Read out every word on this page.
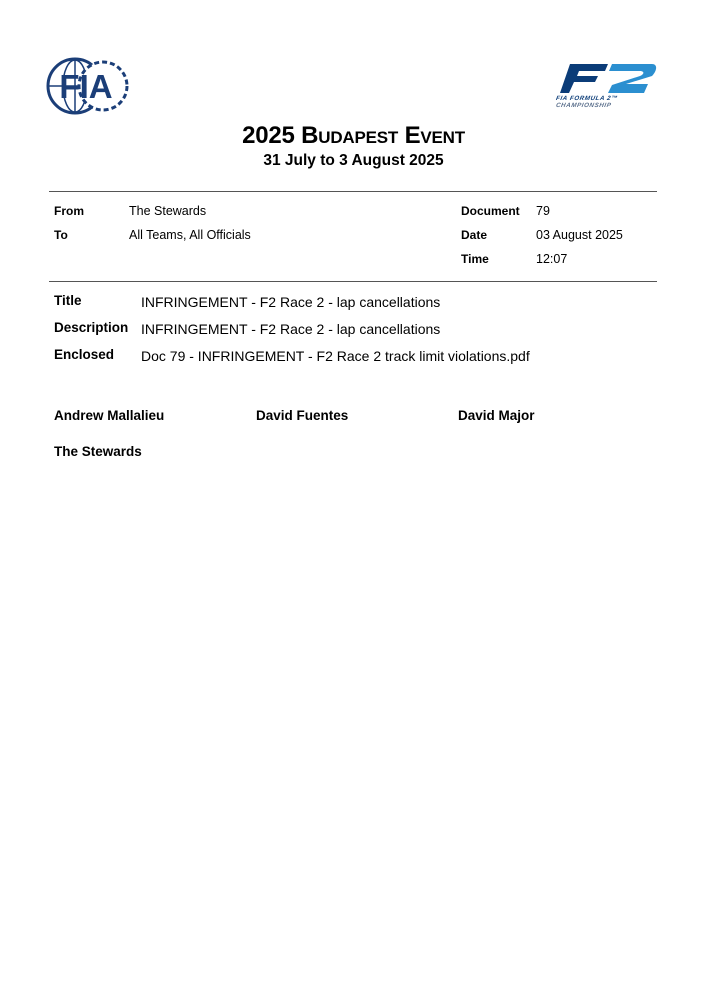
FIA	FIA FORMULA 2™
CHAMPIONSHIP
2025 Budapest Event
31 July to 3 August 2025
From	The Stewards
To	All Teams, All Officials
Document 79
Date	03 August 2025
Time	12:07
Title	INFRINGEMENT - F2 Race 2 - lap cancellations
Description INFRINGEMENT - F2 Race 2 - lap cancellations
Enclosed Doc 79 - INFRINGEMENT - F2 Race 2 track limit violations.pdf
Andrew Mallalieu	David Fuentes	David Major
The Stewards
